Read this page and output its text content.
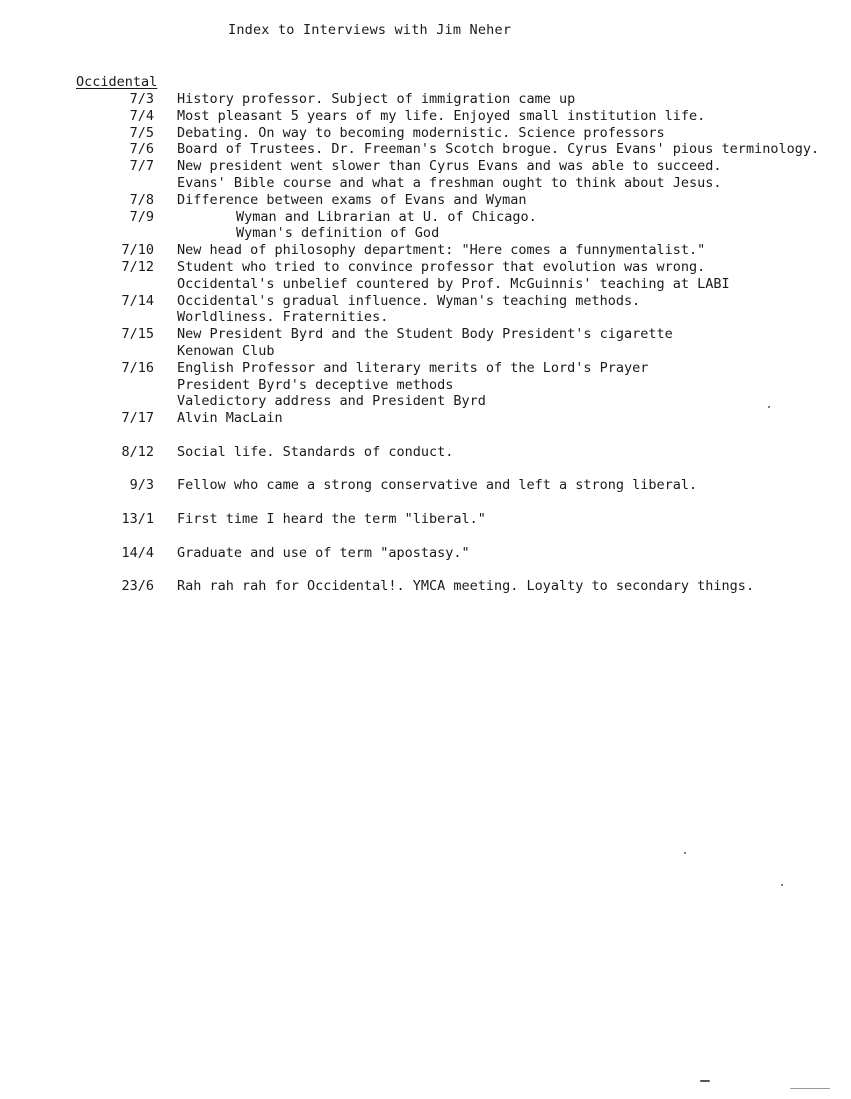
Index to Interviews with Jim Neher
Occidental
7/3 History professor. Subject of immigration came up
7/4 Most pleasant 5 years of my life. Enjoyed small institution life.
7/5 Debating. On way to becoming modernistic. Science professors
7/6 Board of Trustees. Dr. Freeman's Scotch brogue. Cyrus Evans' pious terminology.
7/7 New president went slower than Cyrus Evans and was able to succeed.
Evans' Bible course and what a freshman ought to think about Jesus.
7/8 Difference between exams of Evans and Wyman
7/9	Wyman and Librarian at U. of Chicago.
Wyman's definition of God
7/10 New head of philosophy department: "Here comes a funnymentalist."
7/12 Student who tried to convince professor that evolution was wrong.
Occidental's unbelief countered by Prof. McGuinnis' teaching at LABI
7/14 Occidental's gradual influence. Wyman's teaching methods.
Worldliness. Fraternities.
7/15 New President Byrd and the Student Body President's cigarette
Kenowan Club
7/16 English Professor and literary merits of the Lord's Prayer
President Byrd's deceptive methods
Valedictory address and President Byrd
7/17 Alvin MacLain
8/12 Social life. Standards of conduct.
9/3 Fellow who came a strong conservative and left a strong liberal.
13/1 First time I heard the term "liberal."
14/4 Graduate and use of term "apostasy."
23/6 Rah rah rah for Occidental!. YMCA meeting. Loyalty to secondary things.
